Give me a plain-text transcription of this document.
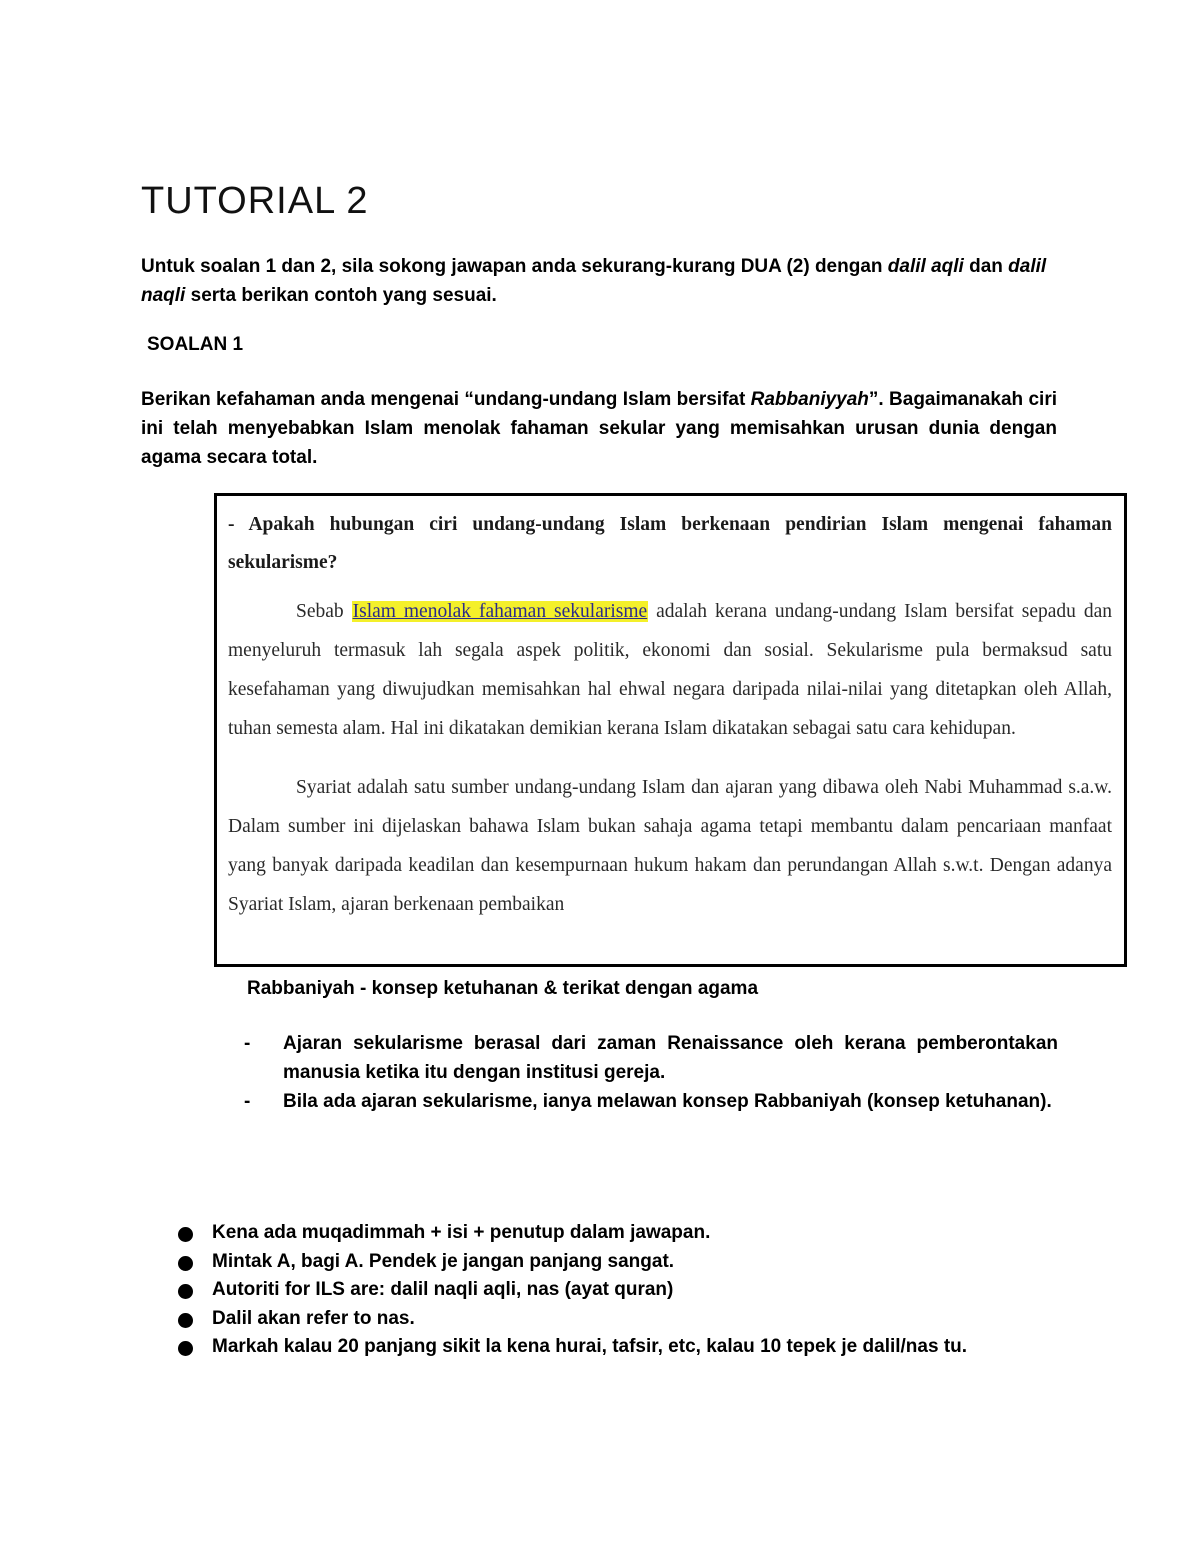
TUTORIAL 2

Untuk soalan 1 dan 2, sila sokong jawapan anda sekurang-kurang DUA (2) dengan dalil aqli dan dalil naqli serta berikan contoh yang sesuai.

SOALAN 1

Berikan kefahaman anda mengenai “undang-undang Islam bersifat Rabbaniyyah”. Bagaimanakah ciri ini telah menyebabkan Islam menolak fahaman sekular yang memisahkan urusan dunia dengan agama secara total.

- Apakah hubungan ciri undang-undang Islam berkenaan pendirian Islam mengenai fahaman sekularisme?

Sebab Islam menolak fahaman sekularisme adalah kerana undang-undang Islam bersifat sepadu dan menyeluruh termasuk lah segala aspek politik, ekonomi dan sosial. Sekularisme pula bermaksud satu kesefahaman yang diwujudkan memisahkan hal ehwal negara daripada nilai-nilai yang ditetapkan oleh Allah, tuhan semesta alam. Hal ini dikatakan demikian kerana Islam dikatakan sebagai satu cara kehidupan.

Syariat adalah satu sumber undang-undang Islam dan ajaran yang dibawa oleh Nabi Muhammad s.a.w. Dalam sumber ini dijelaskan bahawa Islam bukan sahaja agama tetapi membantu dalam pencariaan manfaat yang banyak daripada keadilan dan kesempurnaan hukum hakam dan perundangan Allah s.w.t. Dengan adanya Syariat Islam, ajaran berkenaan pembaikan

Rabbaniyah - konsep ketuhanan & terikat dengan agama

- Ajaran sekularisme berasal dari zaman Renaissance oleh kerana pemberontakan manusia ketika itu dengan institusi gereja.
- Bila ada ajaran sekularisme, ianya melawan konsep Rabbaniyah (konsep ketuhanan).
Kena ada muqadimmah + isi + penutup dalam jawapan.
Mintak A, bagi A. Pendek je jangan panjang sangat.
Autoriti for ILS are: dalil naqli aqli, nas (ayat quran)
Dalil akan refer to nas.
Markah kalau 20 panjang sikit la kena hurai, tafsir, etc, kalau 10 tepek je dalil/nas tu.
